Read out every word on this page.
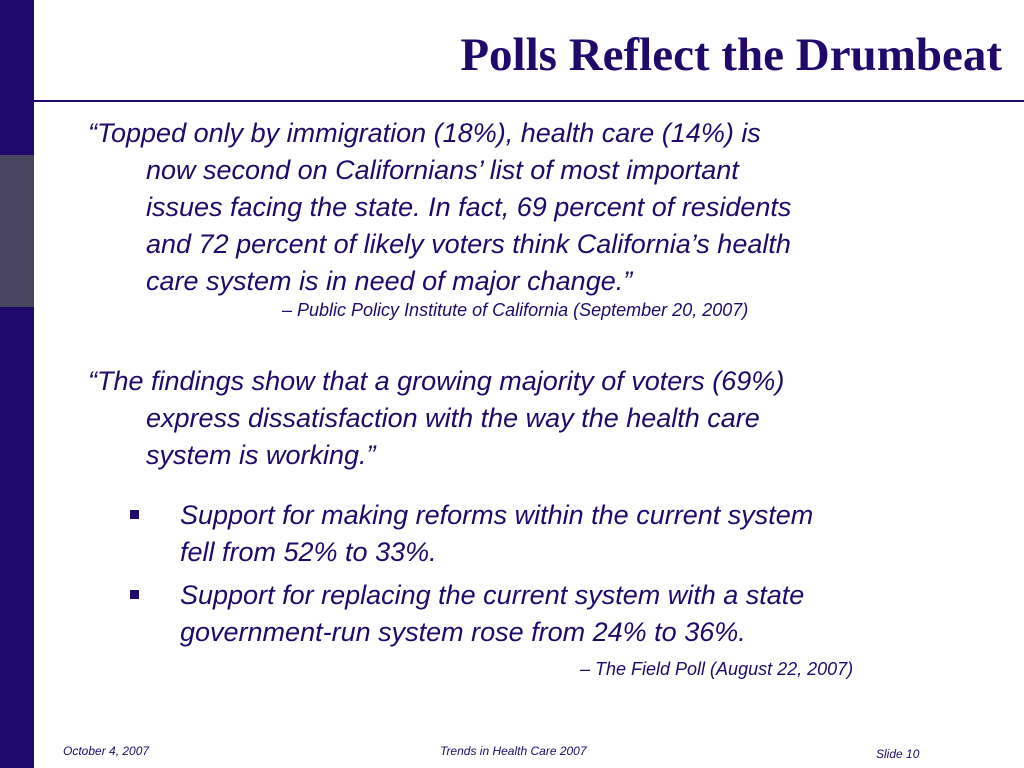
Polls Reflect the Drumbeat
“Topped only by immigration (18%), health care (14%) is
now second on Californians’ list of most important
issues facing the state. In fact, 69 percent of residents
and 72 percent of likely voters think California’s health
care system is in need of major change.”
– Public Policy Institute of California (September 20, 2007)
“The findings show that a growing majority of voters (69%)
express dissatisfaction with the way the health care
system is working.”
Support for making reforms within the current system
fell from 52% to 33%.
Support for replacing the current system with a state
government-run system rose from 24% to 36%.
– The Field Poll (August 22, 2007)
October 4, 2007	Trends in Health Care 2007	Slide 10
